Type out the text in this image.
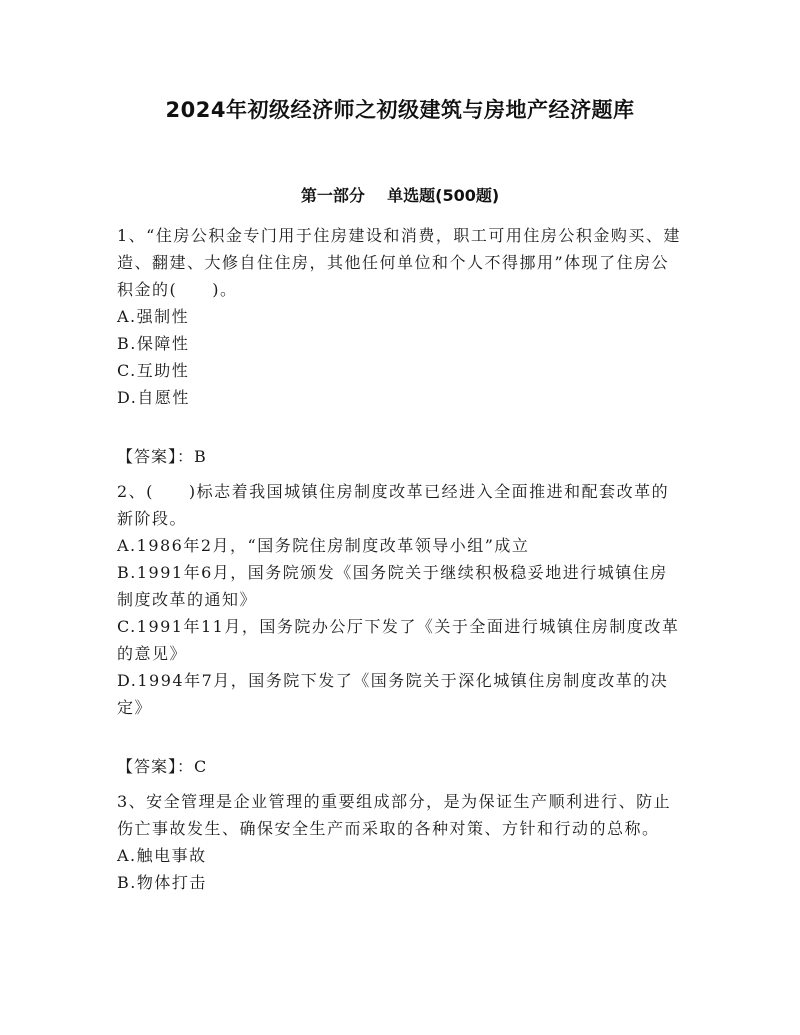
2024年初级经济师之初级建筑与房地产经济题库
第一部分    单选题(500题)

1、“住房公积金专门用于住房建设和消费，职工可用住房公积金购买、建造、翻建、大修自住住房，其他任何单位和个人不得挪用”体现了住房公积金的(　　)。

A.强制性

B.保障性

C.互助性

D.自愿性

【答案】：B

2、(　　)标志着我国城镇住房制度改革已经进入全面推进和配套改革的新阶段。

A.1986年2月，“国务院住房制度改革领导小组”成立

B.1991年6月，国务院颁发《国务院关于继续积极稳妥地进行城镇住房制度改革的通知》

C.1991年11月，国务院办公厅下发了《关于全面进行城镇住房制度改革的意见》

D.1994年7月，国务院下发了《国务院关于深化城镇住房制度改革的决定》

【答案】：C

3、安全管理是企业管理的重要组成部分，是为保证生产顺利进行、防止伤亡事故发生、确保安全生产而采取的各种对策、方针和行动的总称。

A.触电事故

B.物体打击
